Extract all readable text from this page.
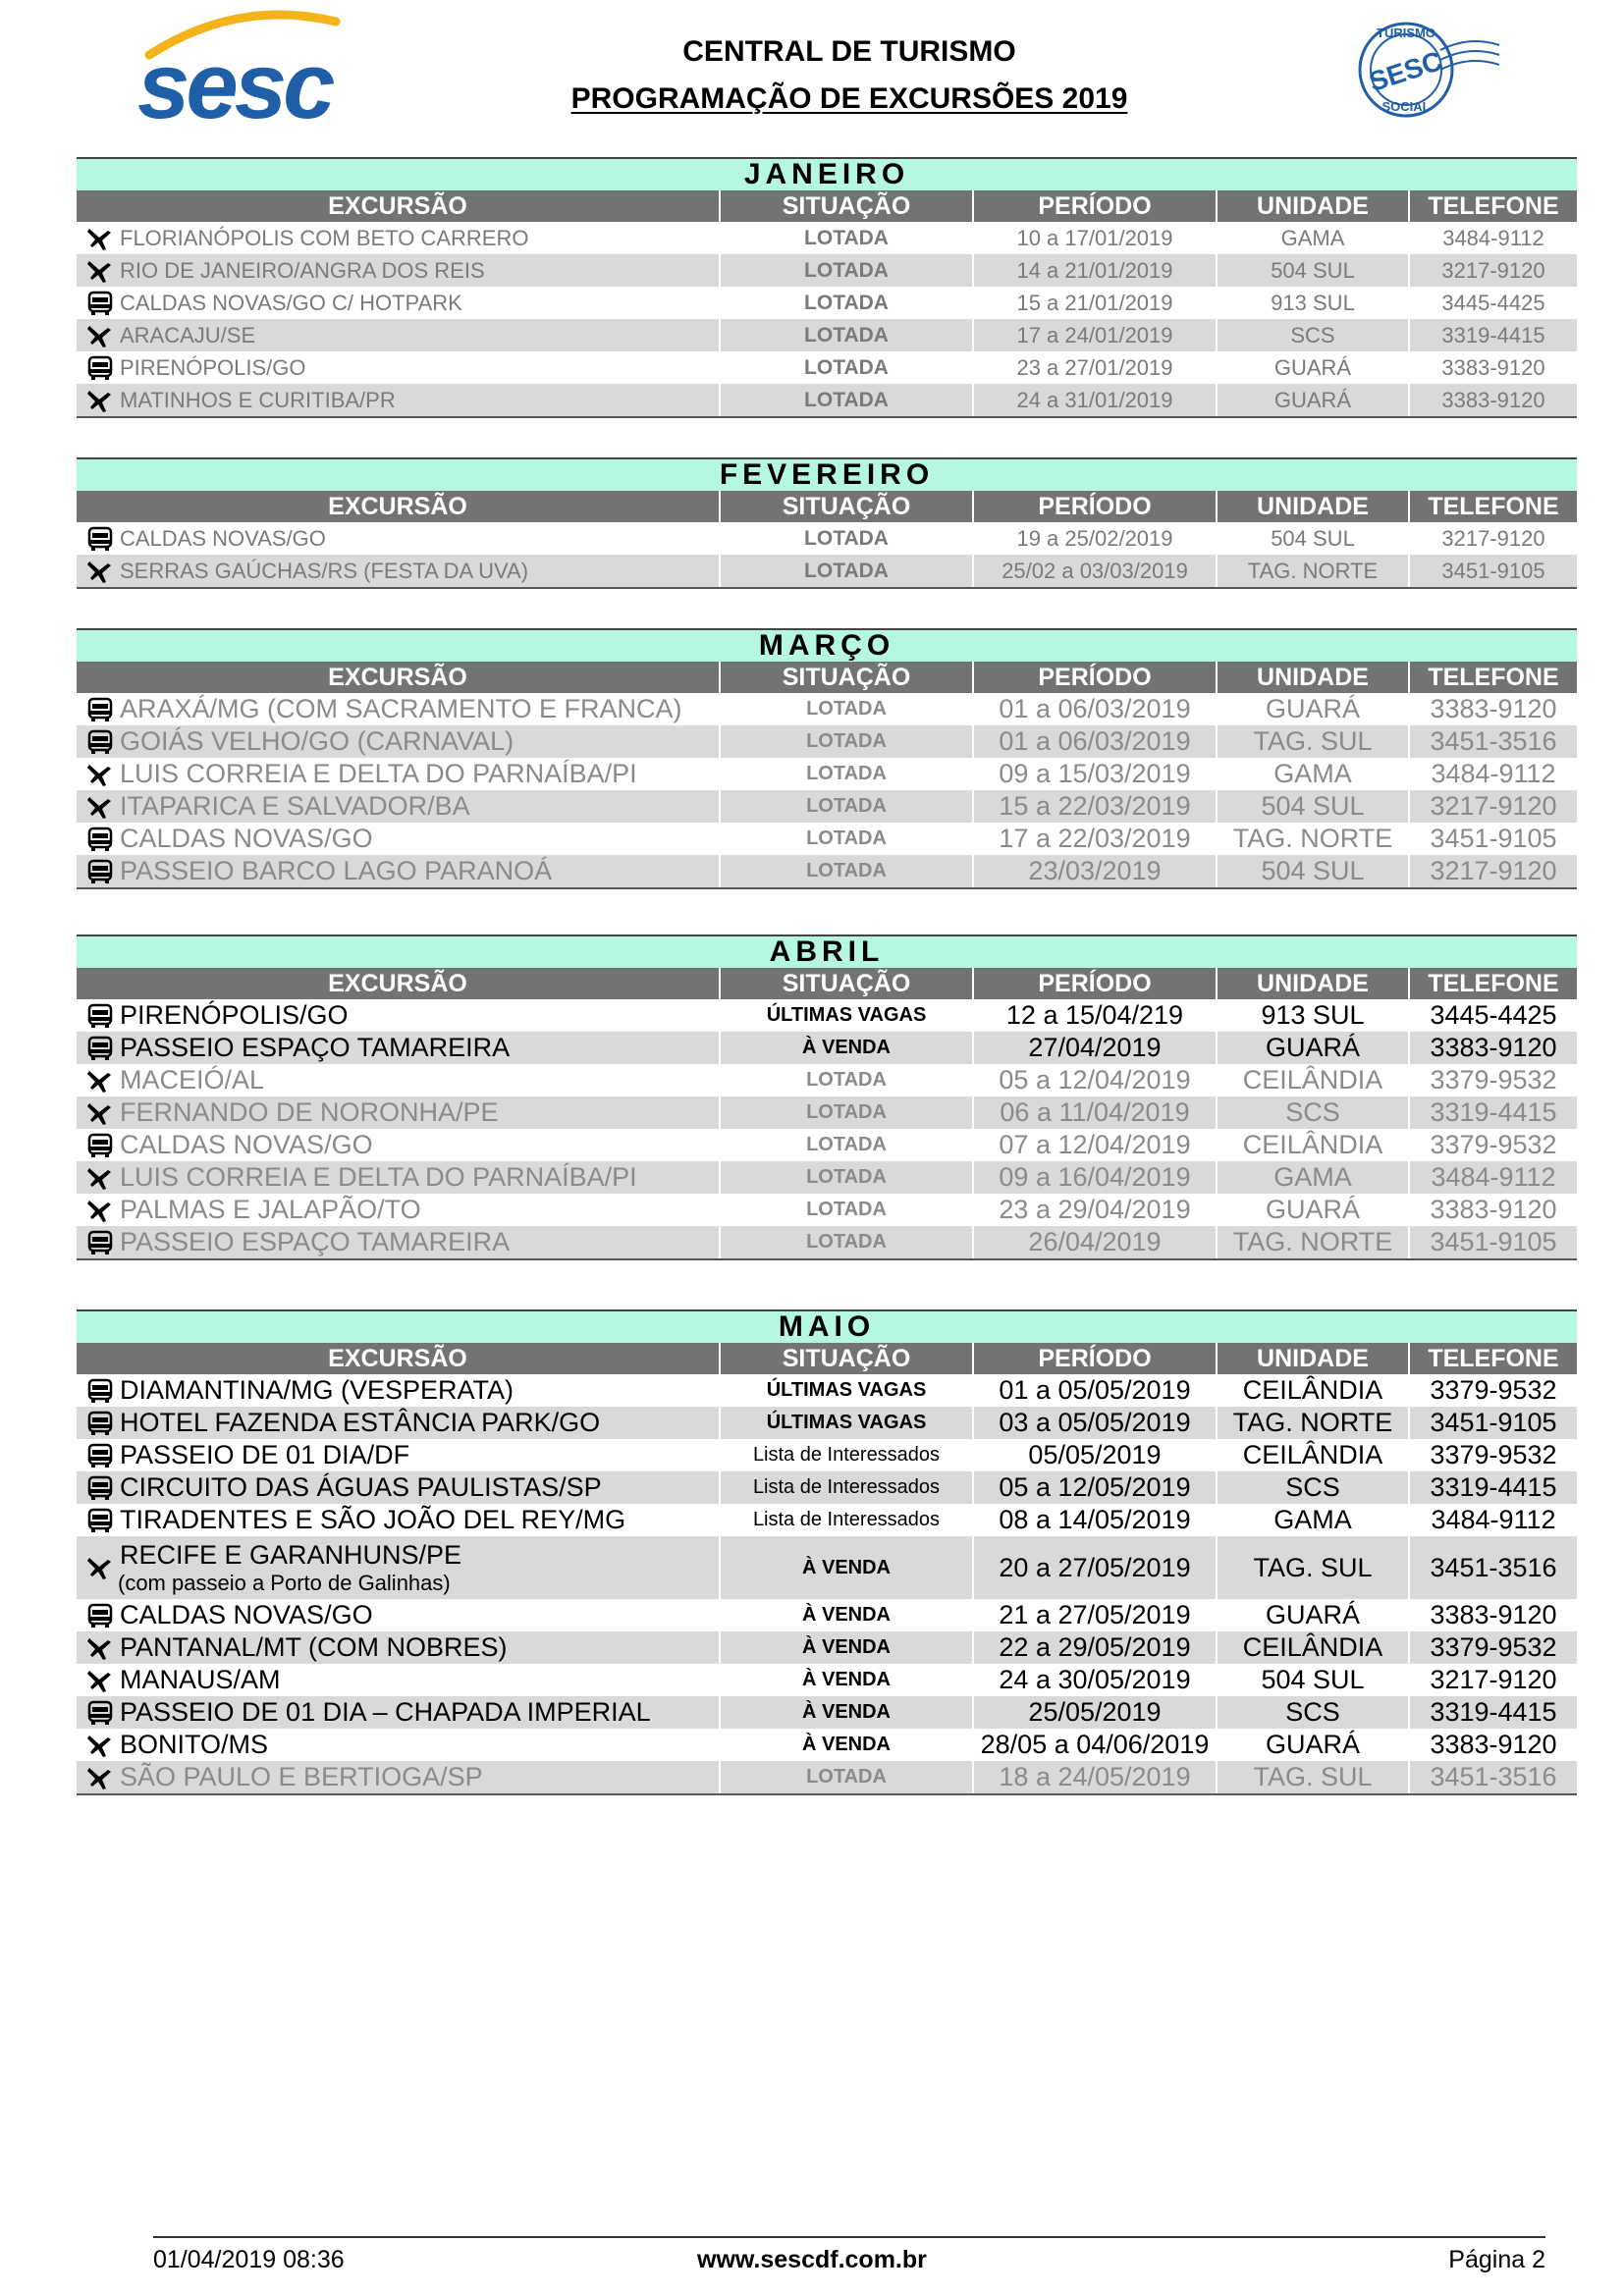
sesc	CENTRAL DE TURISMO
PROGRAMAÇÃO DE EXCURSÕES 2019
TURISMO
SESC
SOCIAL
JANEIRO
EXCURSÃO	SITUAÇÃO	PERÍODO	UNIDADE	TELEFONE
FLORIANÓPOLIS COM BETO CARRERO	LOTADA	10 a 17/01/2019	GAMA	3484-9112
RIO DE JANEIRO/ANGRA DOS REIS	LOTADA	14 a 21/01/2019	504 SUL	3217-9120
CALDAS NOVAS/GO C/ HOTPARK	LOTADA	15 a 21/01/2019	913 SUL	3445-4425
ARACAJU/SE	LOTADA	17 a 24/01/2019	SCS	3319-4415
PIRENÓPOLIS/GO	LOTADA	23 a 27/01/2019	GUARÁ	3383-9120
MATINHOS E CURITIBA/PR	LOTADA	24 a 31/01/2019	GUARÁ	3383-9120
FEVEREIRO
EXCURSÃO	SITUAÇÃO	PERÍODO	UNIDADE	TELEFONE
CALDAS NOVAS/GO	LOTADA	19 a 25/02/2019	504 SUL	3217-9120
SERRAS GAÚCHAS/RS (FESTA DA UVA)	LOTADA	25/02 a 03/03/2019	TAG. NORTE	3451-9105
MARÇO
EXCURSÃO	SITUAÇÃO	PERÍODO	UNIDADE	TELEFONE
ARAXÁ/MG (COM SACRAMENTO E FRANCA)	LOTADA	01 a 06/03/2019	GUARÁ	3383-9120
GOIÁS VELHO/GO (CARNAVAL)	LOTADA	01 a 06/03/2019	TAG. SUL	3451-3516
LUIS CORREIA E DELTA DO PARNAÍBA/PI	LOTADA	09 a 15/03/2019	GAMA	3484-9112
ITAPARICA E SALVADOR/BA	LOTADA	15 a 22/03/2019	504 SUL	3217-9120
CALDAS NOVAS/GO	LOTADA	17 a 22/03/2019	TAG. NORTE	3451-9105
PASSEIO BARCO LAGO PARANOÁ	LOTADA	23/03/2019	504 SUL	3217-9120
ABRIL
EXCURSÃO	SITUAÇÃO	PERÍODO	UNIDADE	TELEFONE
PIRENÓPOLIS/GO	ÚLTIMAS VAGAS	12 a 15/04/219	913 SUL	3445-4425
PASSEIO ESPAÇO TAMAREIRA	À VENDA	27/04/2019	GUARÁ	3383-9120
MACEIÓ/AL	LOTADA	05 a 12/04/2019	CEILÂNDIA	3379-9532
FERNANDO DE NORONHA/PE	LOTADA	06 a 11/04/2019	SCS	3319-4415
CALDAS NOVAS/GO	LOTADA	07 a 12/04/2019	CEILÂNDIA	3379-9532
LUIS CORREIA E DELTA DO PARNAÍBA/PI	LOTADA	09 a 16/04/2019	GAMA	3484-9112
PALMAS E JALAPÃO/TO	LOTADA	23 a 29/04/2019	GUARÁ	3383-9120
PASSEIO ESPAÇO TAMAREIRA	LOTADA	26/04/2019	TAG. NORTE	3451-9105
MAIO
EXCURSÃO	SITUAÇÃO	PERÍODO	UNIDADE	TELEFONE
DIAMANTINA/MG (VESPERATA)	ÚLTIMAS VAGAS	01 a 05/05/2019	CEILÂNDIA	3379-9532
HOTEL FAZENDA ESTÂNCIA PARK/GO	ÚLTIMAS VAGAS	03 a 05/05/2019	TAG. NORTE	3451-9105
PASSEIO DE 01 DIA/DF	Lista de Interessados	05/05/2019	CEILÂNDIA	3379-9532
CIRCUITO DAS ÁGUAS PAULISTAS/SP	Lista de Interessados	05 a 12/05/2019	SCS	3319-4415
TIRADENTES E SÃO JOÃO DEL REY/MG	Lista de Interessados	08 a 14/05/2019	GAMA	3484-9112
RECIFE E GARANHUNS/PE
(com passeio a Porto de Galinhas)
À VENDA	20 a 27/05/2019	TAG. SUL	3451-3516
CALDAS NOVAS/GO	À VENDA	21 a 27/05/2019	GUARÁ	3383-9120
PANTANAL/MT (COM NOBRES)	À VENDA	22 a 29/05/2019	CEILÂNDIA	3379-9532
MANAUS/AM	À VENDA	24 a 30/05/2019	504 SUL	3217-9120
PASSEIO DE 01 DIA – CHAPADA IMPERIAL	À VENDA	25/05/2019	SCS	3319-4415
BONITO/MS	À VENDA	28/05 a 04/06/2019	GUARÁ	3383-9120
SÃO PAULO E BERTIOGA/SP	LOTADA	18 a 24/05/2019	TAG. SUL	3451-3516
01/04/2019 08:36	www.sescdf.com.br	Página 2
